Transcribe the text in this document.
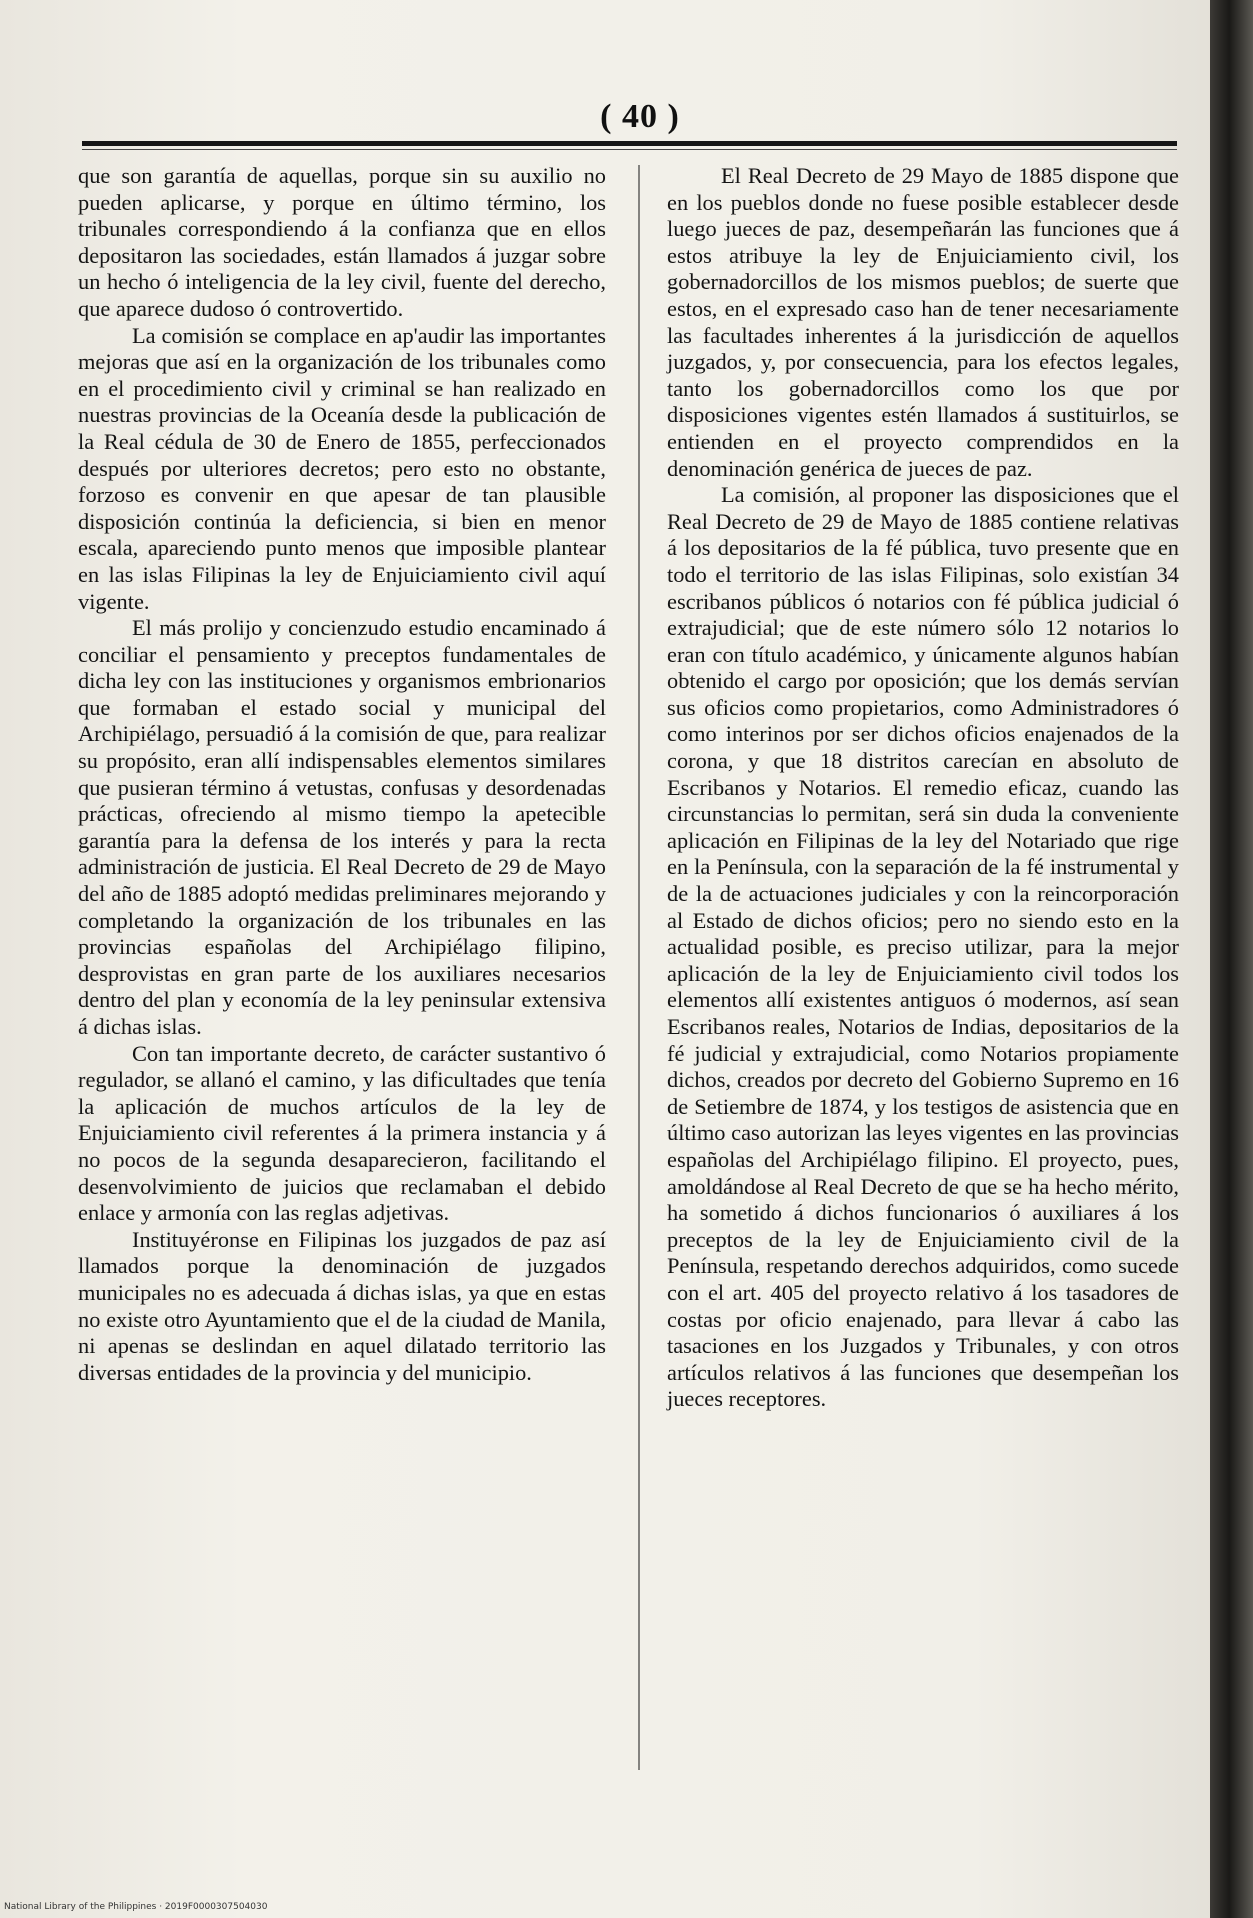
( 40 )

que son garantía de aquellas, porque sin su auxilio no pueden aplicarse, y porque en último término, los tribunales correspondiendo á la confianza que en ellos depositaron las sociedades, están llamados á juzgar sobre un hecho ó inteligencia de la ley civil, fuente del derecho, que aparece dudoso ó controvertido.

La comisión se complace en ap'audir las importantes mejoras que así en la organización de los tribunales como en el procedimiento civil y criminal se han realizado en nuestras provincias de la Oceanía desde la publicación de la Real cédula de 30 de Enero de 1855, perfeccionados después por ulteriores decretos; pero esto no obstante, forzoso es convenir en que apesar de tan plausible disposición continúa la deficiencia, si bien en menor escala, apareciendo punto menos que imposible plantear en las islas Filipinas la ley de Enjuiciamiento civil aquí vigente.

El más prolijo y concienzudo estudio encaminado á conciliar el pensamiento y preceptos fundamentales de dicha ley con las instituciones y organismos embrionarios que formaban el estado social y municipal del Archipiélago, persuadió á la comisión de que, para realizar su propósito, eran allí indispensables elementos similares que pusieran término á vetustas, confusas y desordenadas prácticas, ofreciendo al mismo tiempo la apetecible garantía para la defensa de los interés y para la recta administración de justicia. El Real Decreto de 29 de Mayo del año de 1885 adoptó medidas preliminares mejorando y completando la organización de los tribunales en las provincias españolas del Archipiélago filipino, desprovistas en gran parte de los auxiliares necesarios dentro del plan y economía de la ley peninsular extensiva á dichas islas.

Con tan importante decreto, de carácter sustantivo ó regulador, se allanó el camino, y las dificultades que tenía la aplicación de muchos artículos de la ley de Enjuiciamiento civil referentes á la primera instancia y á no pocos de la segunda desaparecieron, facilitando el desenvolvimiento de juicios que reclamaban el debido enlace y armonía con las reglas adjetivas.

Instituyéronse en Filipinas los juzgados de paz así llamados porque la denominación de juzgados municipales no es adecuada á dichas islas, ya que en estas no existe otro Ayuntamiento que el de la ciudad de Manila, ni apenas se deslindan en aquel dilatado territorio las diversas entidades de la provincia y del municipio.

El Real Decreto de 29 Mayo de 1885 dispone que en los pueblos donde no fuese posible establecer desde luego jueces de paz, desempeñarán las funciones que á estos atribuye la ley de Enjuiciamiento civil, los gobernadorcillos de los mismos pueblos; de suerte que estos, en el expresado caso han de tener necesariamente las facultades inherentes á la jurisdicción de aquellos juzgados, y, por consecuencia, para los efectos legales, tanto los gobernadorcillos como los que por disposiciones vigentes estén llamados á sustituirlos, se entienden en el proyecto comprendidos en la denominación genérica de jueces de paz.

La comisión, al proponer las disposiciones que el Real Decreto de 29 de Mayo de 1885 contiene relativas á los depositarios de la fé pública, tuvo presente que en todo el territorio de las islas Filipinas, solo existían 34 escribanos públicos ó notarios con fé pública judicial ó extrajudicial; que de este número sólo 12 notarios lo eran con título académico, y únicamente algunos habían obtenido el cargo por oposición; que los demás servían sus oficios como propietarios, como Administradores ó como interinos por ser dichos oficios enajenados de la corona, y que 18 distritos carecían en absoluto de Escribanos y Notarios. El remedio eficaz, cuando las circunstancias lo permitan, será sin duda la conveniente aplicación en Filipinas de la ley del Notariado que rige en la Península, con la separación de la fé instrumental y de la de actuaciones judiciales y con la reincorporación al Estado de dichos oficios; pero no siendo esto en la actualidad posible, es preciso utilizar, para la mejor aplicación de la ley de Enjuiciamiento civil todos los elementos allí existentes antiguos ó modernos, así sean Escribanos reales, Notarios de Indias, depositarios de la fé judicial y extrajudicial, como Notarios propiamente dichos, creados por decreto del Gobierno Supremo en 16 de Setiembre de 1874, y los testigos de asistencia que en último caso autorizan las leyes vigentes en las provincias españolas del Archipiélago filipino. El proyecto, pues, amoldándose al Real Decreto de que se ha hecho mérito, ha sometido á dichos funcionarios ó auxiliares á los preceptos de la ley de Enjuiciamiento civil de la Península, respetando derechos adquiridos, como sucede con el art. 405 del proyecto relativo á los tasadores de costas por oficio enajenado, para llevar á cabo las tasaciones en los Juzgados y Tribunales, y con otros artículos relativos á las funciones que desempeñan los jueces receptores.

National Library of the Philippines · 2019F0000307504030
